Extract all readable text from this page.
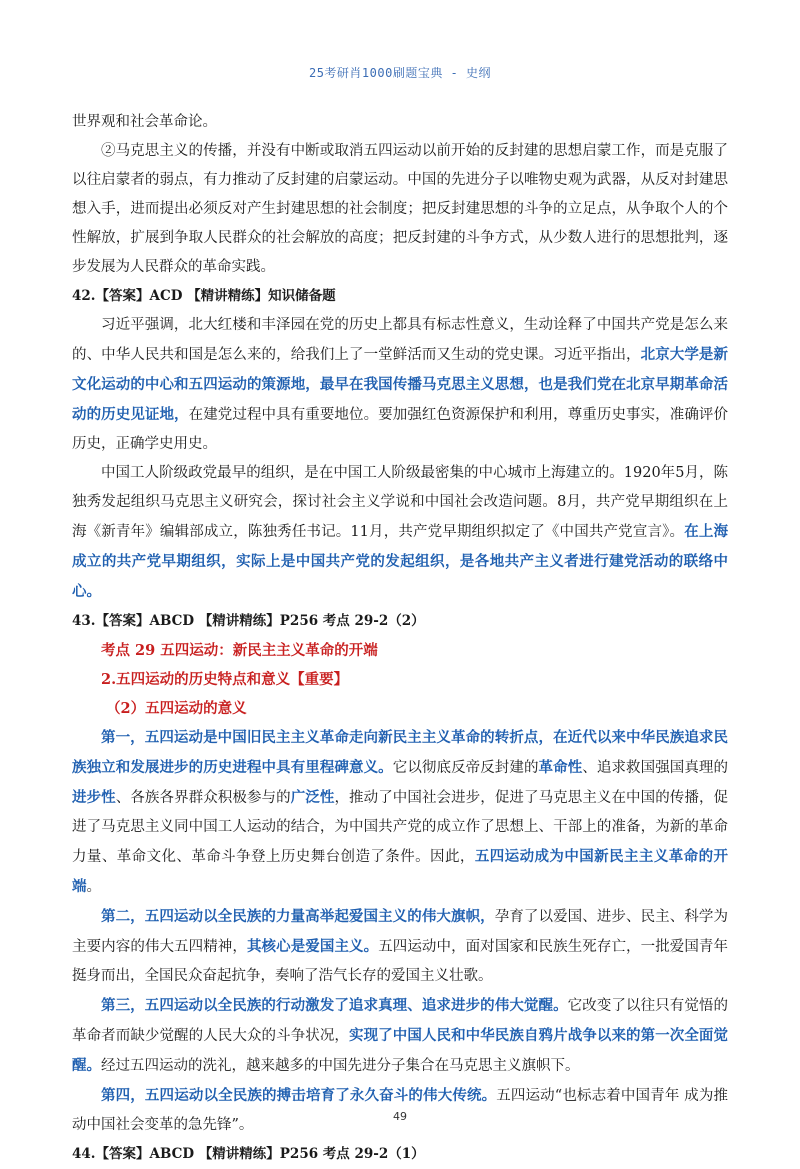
25考研肖1000刷题宝典 - 史纲

世界观和社会革命论。

②马克思主义的传播，并没有中断或取消五四运动以前开始的反封建的思想启蒙工作，而是克服了以往启蒙者的弱点，有力推动了反封建的启蒙运动。中国的先进分子以唯物史观为武器，从反对封建思想入手，进而提出必须反对产生封建思想的社会制度；把反封建思想的斗争的立足点，从争取个人的个性解放，扩展到争取人民群众的社会解放的高度；把反封建的斗争方式，从少数人进行的思想批判，逐步发展为人民群众的革命实践。

42.【答案】ACD 【精讲精练】知识储备题

习近平强调，北大红楼和丰泽园在党的历史上都具有标志性意义，生动诠释了中国共产党是怎么来的、中华人民共和国是怎么来的，给我们上了一堂鲜活而又生动的党史课。习近平指出，北京大学是新文化运动的中心和五四运动的策源地，最早在我国传播马克思主义思想，也是我们党在北京早期革命活动的历史见证地，在建党过程中具有重要地位。要加强红色资源保护和利用，尊重历史事实，准确评价历史，正确学史用史。

中国工人阶级政党最早的组织，是在中国工人阶级最密集的中心城市上海建立的。1920年5月，陈独秀发起组织马克思主义研究会，探讨社会主义学说和中国社会改造问题。8月，共产党早期组织在上海《新青年》编辑部成立，陈独秀任书记。11月，共产党早期组织拟定了《中国共产党宣言》。在上海成立的共产党早期组织，实际上是中国共产党的发起组织，是各地共产主义者进行建党活动的联络中心。

43.【答案】ABCD 【精讲精练】P256 考点 29-2（2）

考点 29 五四运动：新民主主义革命的开端

2.五四运动的历史特点和意义【重要】

（2）五四运动的意义

第一，五四运动是中国旧民主主义革命走向新民主主义革命的转折点，在近代以来中华民族追求民族独立和发展进步的历史进程中具有里程碑意义。它以彻底反帝反封建的革命性、追求救国强国真理的进步性、各族各界群众积极参与的广泛性，推动了中国社会进步，促进了马克思主义在中国的传播，促进了马克思主义同中国工人运动的结合，为中国共产党的成立作了思想上、干部上的准备，为新的革命力量、革命文化、革命斗争登上历史舞台创造了条件。因此，五四运动成为中国新民主主义革命的开端。

第二，五四运动以全民族的力量高举起爱国主义的伟大旗帜，孕育了以爱国、进步、民主、科学为主要内容的伟大五四精神，其核心是爱国主义。五四运动中，面对国家和民族生死存亡，一批爱国青年挺身而出，全国民众奋起抗争，奏响了浩气长存的爱国主义壮歌。

第三，五四运动以全民族的行动激发了追求真理、追求进步的伟大觉醒。它改变了以往只有觉悟的革命者而缺少觉醒的人民大众的斗争状况，实现了中国人民和中华民族自鸦片战争以来的第一次全面觉醒。经过五四运动的洗礼，越来越多的中国先进分子集合在马克思主义旗帜下。

第四，五四运动以全民族的搏击培育了永久奋斗的伟大传统。五四运动“也标志着中国青年 成为推动中国社会变革的急先锋”。

44.【答案】ABCD 【精讲精练】P256 考点 29-2（1）

49
